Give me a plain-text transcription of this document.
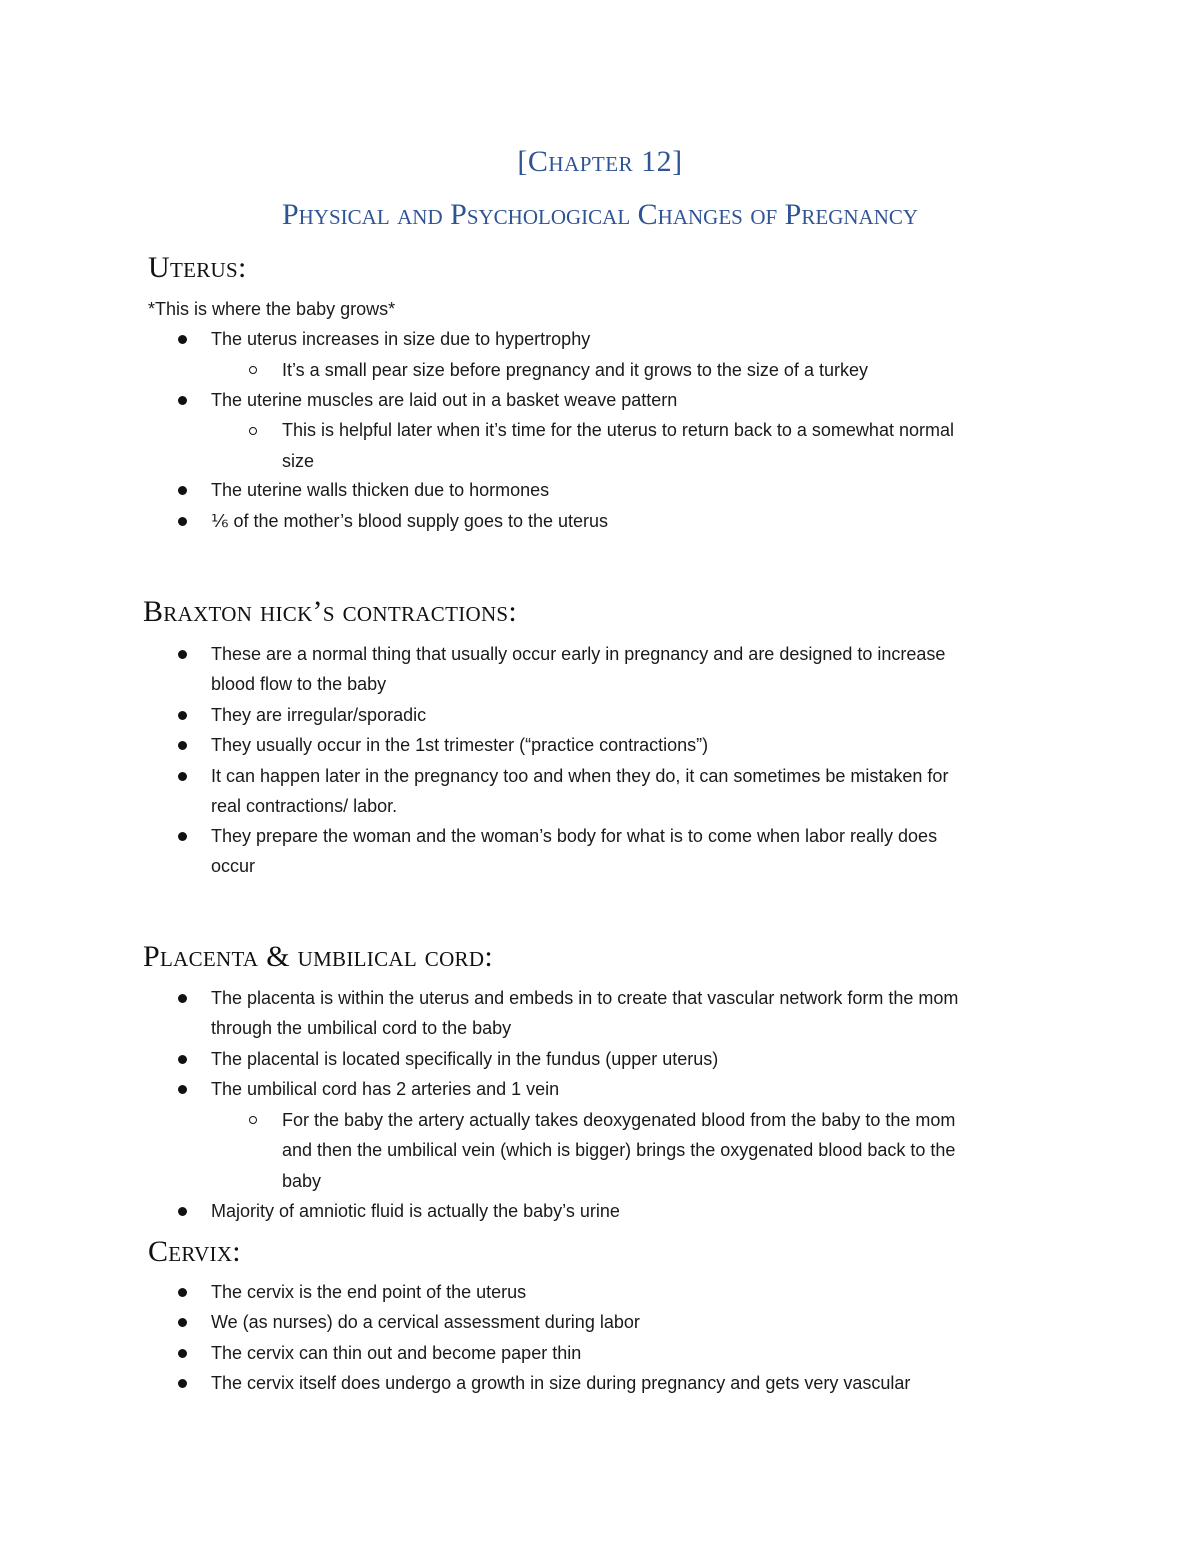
[Chapter 12]
Physical and Psychological Changes of Pregnancy
Uterus:
*This is where the baby grows*
The uterus increases in size due to hypertrophy
It’s a small pear size before pregnancy and it grows to the size of a turkey
The uterine muscles are laid out in a basket weave pattern
This is helpful later when it’s time for the uterus to return back to a somewhat normal
size
The uterine walls thicken due to hormones
⅙ of the mother’s blood supply goes to the uterus
Braxton hick’s contractions:
These are a normal thing that usually occur early in pregnancy and are designed to increase
blood flow to the baby
They are irregular/sporadic
They usually occur in the 1st trimester (“practice contractions”)
It can happen later in the pregnancy too and when they do, it can sometimes be mistaken for
real contractions/ labor.
They prepare the woman and the woman’s body for what is to come when labor really does
occur
Placenta & umbilical cord:
The placenta is within the uterus and embeds in to create that vascular network form the mom
through the umbilical cord to the baby
The placental is located specifically in the fundus (upper uterus)
The umbilical cord has 2 arteries and 1 vein
For the baby the artery actually takes deoxygenated blood from the baby to the mom
and then the umbilical vein (which is bigger) brings the oxygenated blood back to the
baby
Majority of amniotic fluid is actually the baby’s urine
Cervix:
The cervix is the end point of the uterus
We (as nurses) do a cervical assessment during labor
The cervix can thin out and become paper thin
The cervix itself does undergo a growth in size during pregnancy and gets very vascular
